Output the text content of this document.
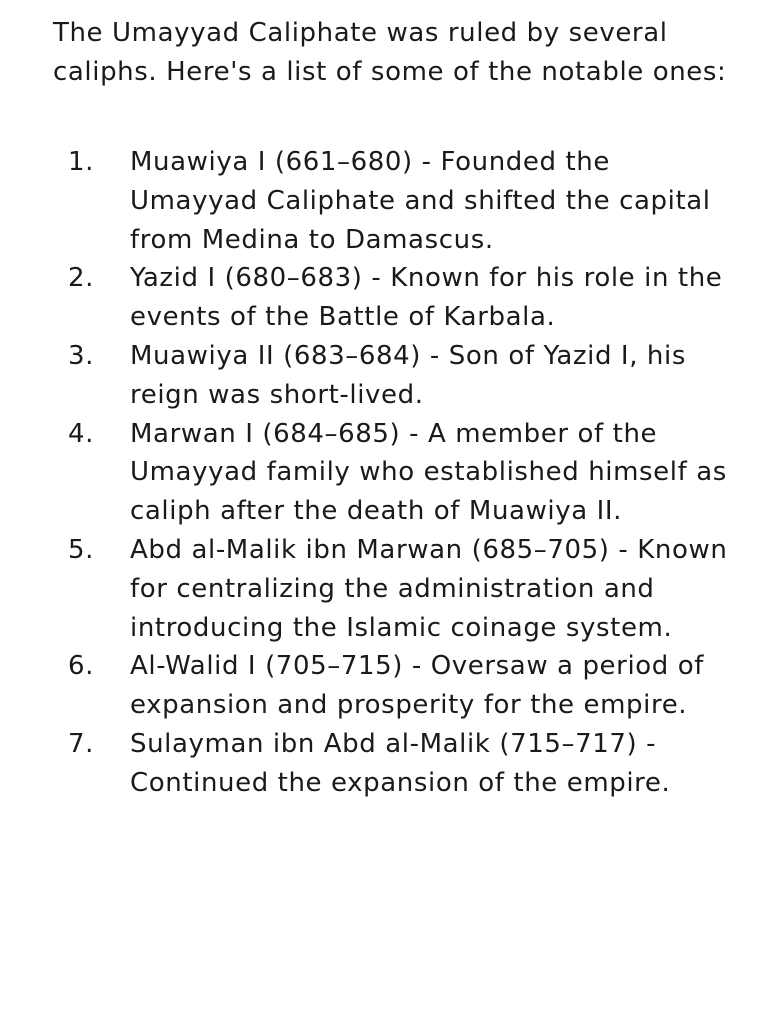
The Umayyad Caliphate was ruled by several caliphs. Here's a list of some of the notable ones:

1. Muawiya I (661–680) - Founded the Umayyad Caliphate and shifted the capital from Medina to Damascus.
2. Yazid I (680–683) - Known for his role in the events of the Battle of Karbala.
3. Muawiya II (683–684) - Son of Yazid I, his reign was short-lived.
4. Marwan I (684–685) - A member of the Umayyad family who established himself as caliph after the death of Muawiya II.
5. Abd al-Malik ibn Marwan (685–705) - Known for centralizing the administration and introducing the Islamic coinage system.
6. Al-Walid I (705–715) - Oversaw a period of expansion and prosperity for the empire.
7. Sulayman ibn Abd al-Malik (715–717) - Continued the expansion of the empire.
